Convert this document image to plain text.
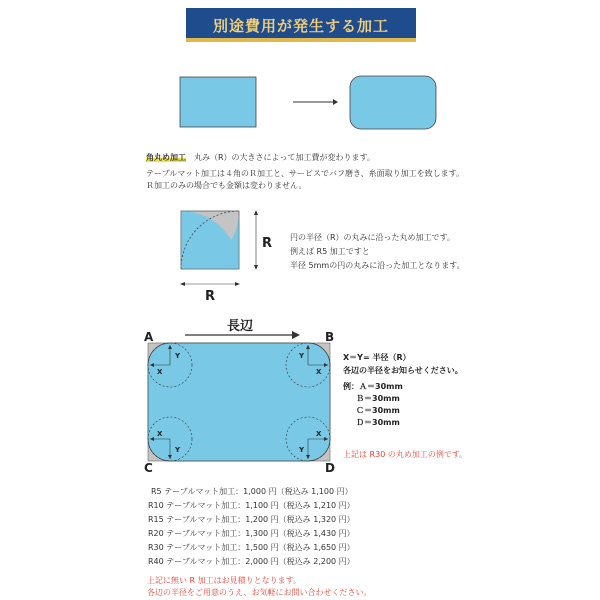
別途費用が発生する加工
角丸め加工　丸み（R）の大きさによって加工費が変わります。
テーブルマット加工は４角のＲ加工と、サービスでバフ磨き、糸面取り加工を致します。
Ｒ加工のみの場合でも金額は変わりません。
R
R
円の半径（R）の丸みに沿った丸め加工です。
例えば R5 加工ですと
半径 5mmの円の丸みに沿った加工となります。
長辺
A	B
C	D
Y
X
Y
X
X
Y
X
Y
X＝Y= 半径（R）
各辺の半径をお知らせください。
例：Ａ＝30mm
Ｂ＝30mm
Ｃ＝30mm
Ｄ＝30mm
上記は R30 の丸め加工の例です。
R5 テーブルマット加工：1,000 円（税込み 1,100 円）
R10 テーブルマット加工：1,100 円（税込み 1,210 円）
R15 テーブルマット加工：1,200 円（税込み 1,320 円）
R20 テーブルマット加工：1,300 円（税込み 1,430 円）
R30 テーブルマット加工：1,500 円（税込み 1,650 円）
R40 テーブルマット加工：2,000 円（税込み 2,200 円）
上記に無い R 加工はお見積りとなります。
各辺の半径をご用意のうえ、お気軽にお問い合わせください。
